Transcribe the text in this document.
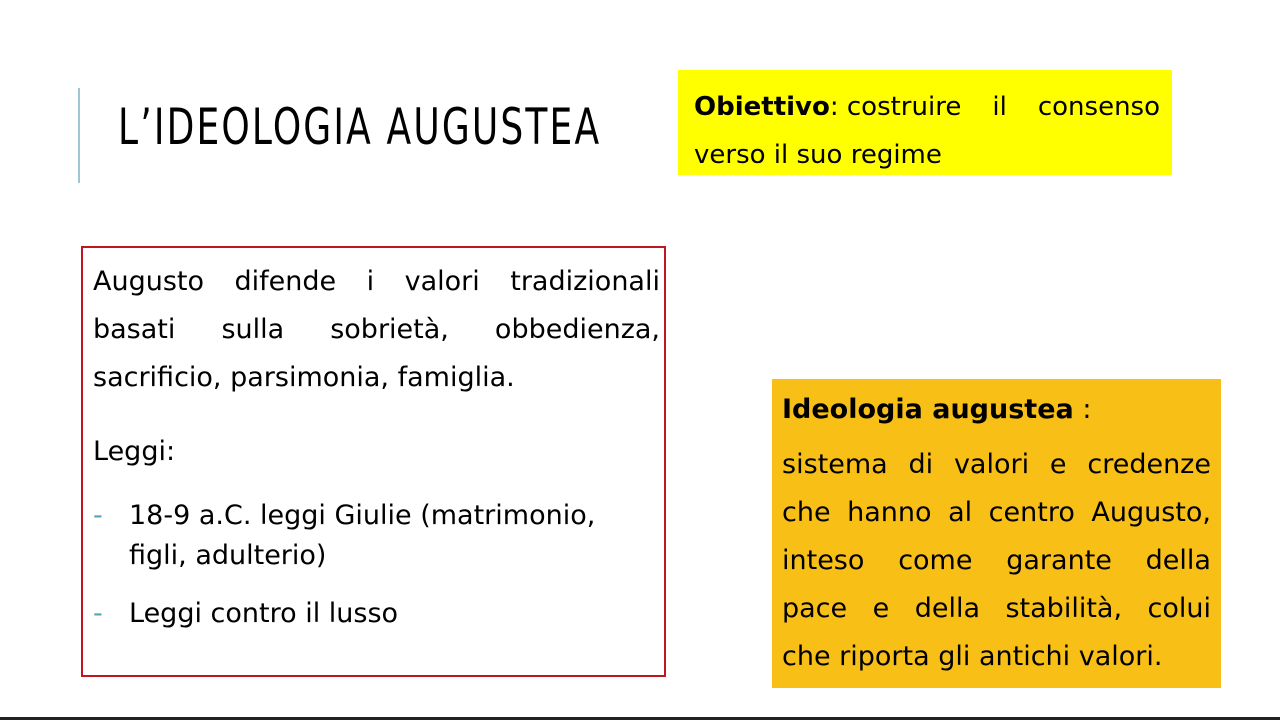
L’IDEOLOGIA AUGUSTEA	Obiettivo: costruire il consenso
verso il suo regime
Augusto difende i valori tradizionali
basati sulla sobrietà, obbedienza,
sacrificio, parsimonia, famiglia.
Leggi:
- 18-9 a.C. leggi Giulie (matrimonio, figli, adulterio)
- Leggi contro il lusso
Ideologia augustea :
sistema di valori e credenze
che hanno al centro Augusto,
inteso come garante della
pace e della stabilità, colui
che riporta gli antichi valori.
